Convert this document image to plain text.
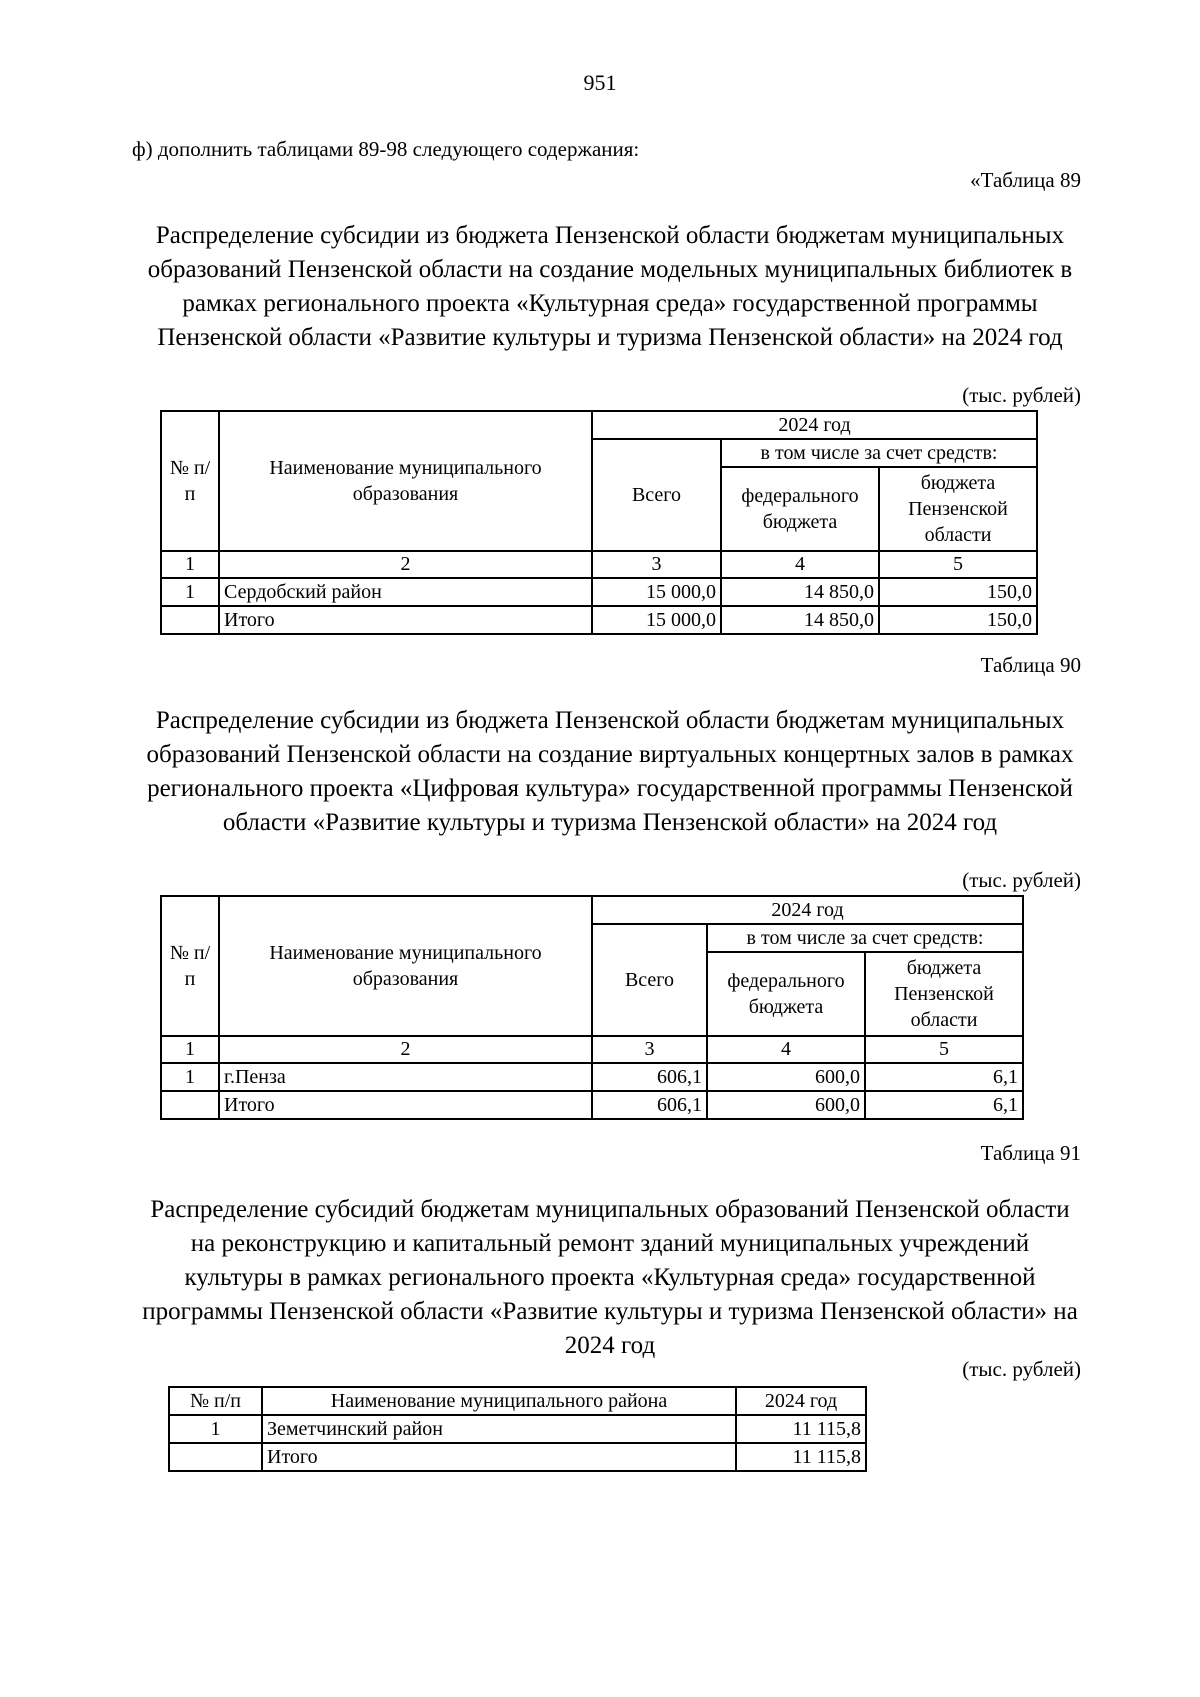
951
ф) дополнить таблицами 89-98 следующего содержания:
«Таблица 89
Распределение субсидии из бюджета Пензенской области бюджетам муниципальных образований Пензенской области на создание модельных муниципальных библиотек в рамках регионального проекта «Культурная среда» государственной программы Пензенской области «Развитие культуры и туризма Пензенской области» на 2024 год
(тыс. рублей)
№ п/п	Наименование муниципального образования	2024 год		
		Всего	в том числе за счет средств:	
			федерального бюджета	бюджета Пензенской области
1	2	3	4	5
1	Сердобский район	15 000,0	14 850,0	150,0
	Итого	15 000,0	14 850,0	150,0
Таблица 90
Распределение субсидии из бюджета Пензенской области бюджетам муниципальных образований Пензенской области на создание виртуальных концертных залов в рамках регионального проекта «Цифровая культура» государственной программы Пензенской области «Развитие культуры и туризма Пензенской области» на 2024 год
(тыс. рублей)
№ п/п	Наименование муниципального образования	2024 год		
		Всего	в том числе за счет средств:	
			федерального бюджета	бюджета Пензенской области
1	2	3	4	5
1	г.Пенза	606,1	600,0	6,1
	Итого	606,1	600,0	6,1
Таблица 91
Распределение субсидий бюджетам муниципальных образований Пензенской области на реконструкцию и капитальный ремонт зданий муниципальных учреждений культуры в рамках регионального проекта «Культурная среда» государственной программы Пензенской области «Развитие культуры и туризма Пензенской области» на 2024 год
(тыс. рублей)
№ п/п	Наименование муниципального района	2024 год
1	Земетчинский район	11 115,8
	Итого	11 115,8
